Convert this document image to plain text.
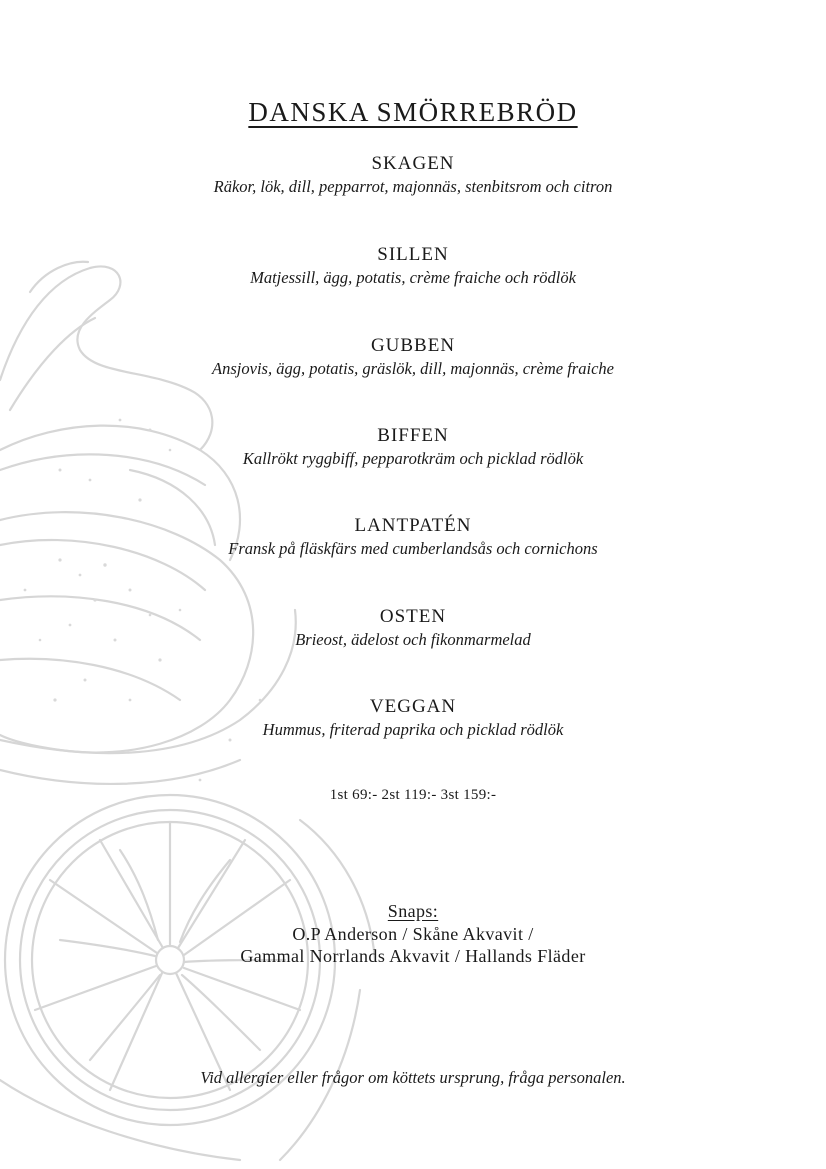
DANSKA SMÖRREBRÖD
SKAGEN
Räkor, lök, dill, pepparrot, majonnäs, stenbitsrom och citron
SILLEN
Matjessill, ägg, potatis, crème fraiche och rödlök
GUBBEN
Ansjovis, ägg, potatis, gräslök, dill, majonnäs, crème fraiche
BIFFEN
Kallrökt ryggbiff, pepparotkräm och picklad rödlök
LANTPATÉN
Fransk på fläskfärs med cumberlandsås och cornichons
OSTEN
Brieost, ädelost och fikonmarmelad
VEGGAN
Hummus, friterad paprika och picklad rödlök
1st 69:- 2st 119:- 3st 159:-
Snaps:
O.P Anderson / Skåne Akvavit /
Gammal Norrlands Akvavit / Hallands Fläder
Vid allergier eller frågor om köttets ursprung, fråga personalen.
